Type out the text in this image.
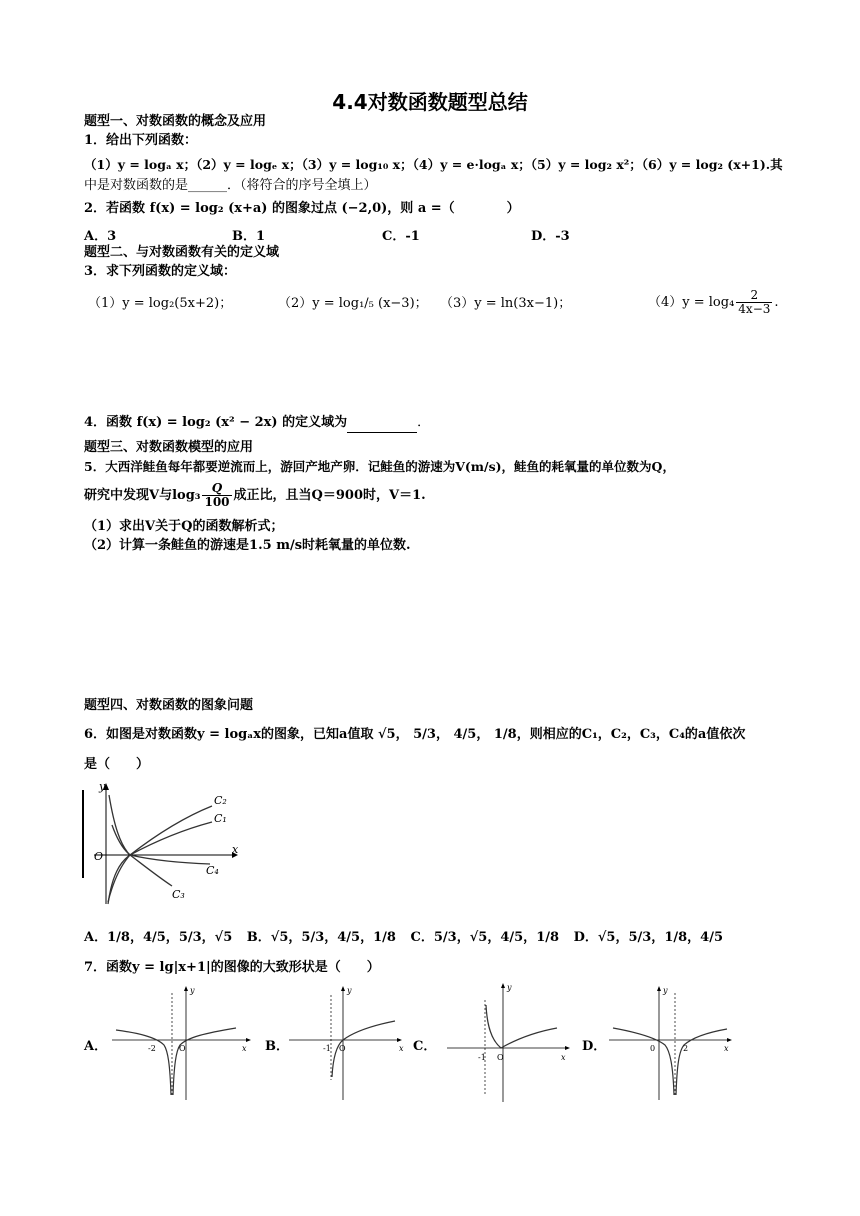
4.4对数函数题型总结
题型一、对数函数的概念及应用
1．给出下列函数：
（1）y = logₐ x；（2）y = logₑ x；（3）y = log₁₀ x；（4）y = e·logₐ x；（5）y = log₂ x²；（6）y = log₂ (x+1).其
中是对数函数的是______．（将符合的序号全填上）
2．若函数 f(x) = log₂ (x+a) 的图象过点 (−2,0)，则 a =（　　　　）
A．3	B．1	C．-1	D．-3
题型二、与对数函数有关的定义域
3．求下列函数的定义域：
（1）y = log₂(5x+2)；	（2）y = log₁/₅ (x−3)； （3）y = ln(3x−1)；	$(4)y = \log_4 \frac{2}{4x-3}$ .
4．函数 f(x) = log₂ (x² − 2x) 的定义域为	．
题型三、对数函数模型的应用
5．大西洋鲑鱼每年都要逆流而上，游回产地产卵．记鲑鱼的游速为V(m/s)，鲑鱼的耗氧量的单位数为Q，
研究中发现V与$\log_3 \frac{Q}{100}$ 成正比，且当Q＝900时，V＝1.
（1）求出V关于Q的函数解析式；
（2）计算一条鲑鱼的游速是1.5 m/s时耗氧量的单位数.
题型四、对数函数的图象问题
6．如图是对数函数y = logₐx的图象，已知a值取 √5， 5/3， 4/5， 1/8，则相应的C₁，C₂，C₃，C₄的a值依次
是（　　）
y
x
O
C₂
C₁
C₄
C₃
A．1/8，4/5，5/3，√5 B．√5，5/3，4/5，1/8 C．5/3，√5，4/5，1/8 D．√5，5/3，1/8，4/5
7．函数y = lg|x+1|的图像的大致形状是（　　）
A．	B．	C．	D．
-2	O
y
x	-1 O
y
x
-1 O
y
x
0	2
y
x
